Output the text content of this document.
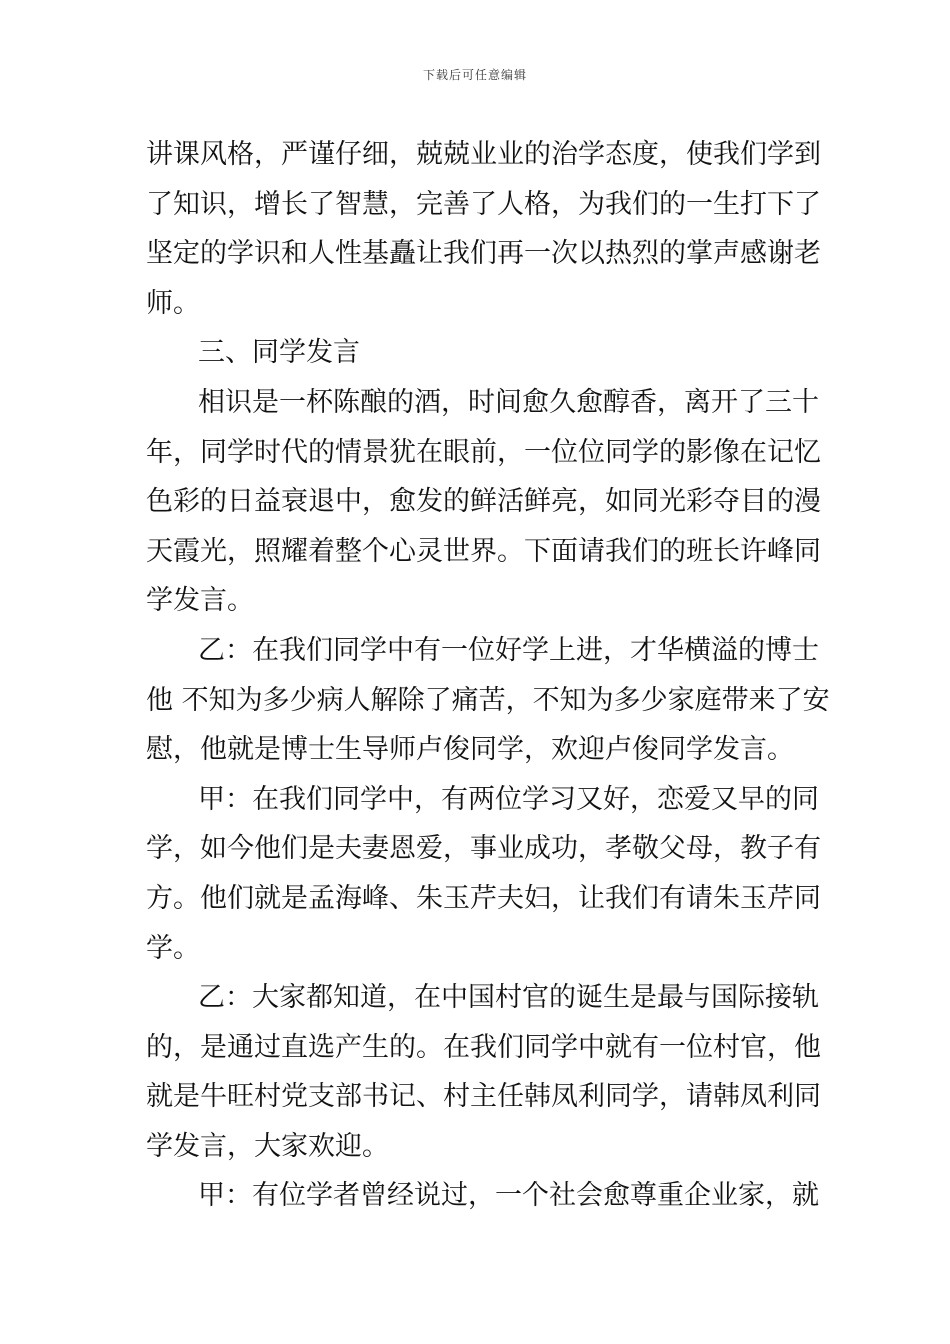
下载后可任意编辑
讲课风格，严谨仔细，兢兢业业的治学态度，使我们学到
了知识，增长了智慧，完善了人格，为我们的一生打下了
坚定的学识和人性基矗让我们再一次以热烈的掌声感谢老
师。
三、同学发言
相识是一杯陈酿的酒，时间愈久愈醇香，离开了三十
年，同学时代的情景犹在眼前，一位位同学的影像在记忆
色彩的日益衰退中，愈发的鲜活鲜亮，如同光彩夺目的漫
天霞光，照耀着整个心灵世界。下面请我们的班长许峰同
学发言。
乙：在我们同学中有一位好学上进，才华横溢的博士
他 不知为多少病人解除了痛苦，不知为多少家庭带来了安
慰，他就是博士生导师卢俊同学，欢迎卢俊同学发言。
甲：在我们同学中，有两位学习又好，恋爱又早的同
学，如今他们是夫妻恩爱，事业成功，孝敬父母，教子有
方。他们就是孟海峰、朱玉芹夫妇，让我们有请朱玉芹同
学。
乙：大家都知道，在中国村官的诞生是最与国际接轨
的，是通过直选产生的。在我们同学中就有一位村官，他
就是牛旺村党支部书记、村主任韩凤利同学，请韩凤利同
学发言，大家欢迎。
甲：有位学者曾经说过，一个社会愈尊重企业家，就
